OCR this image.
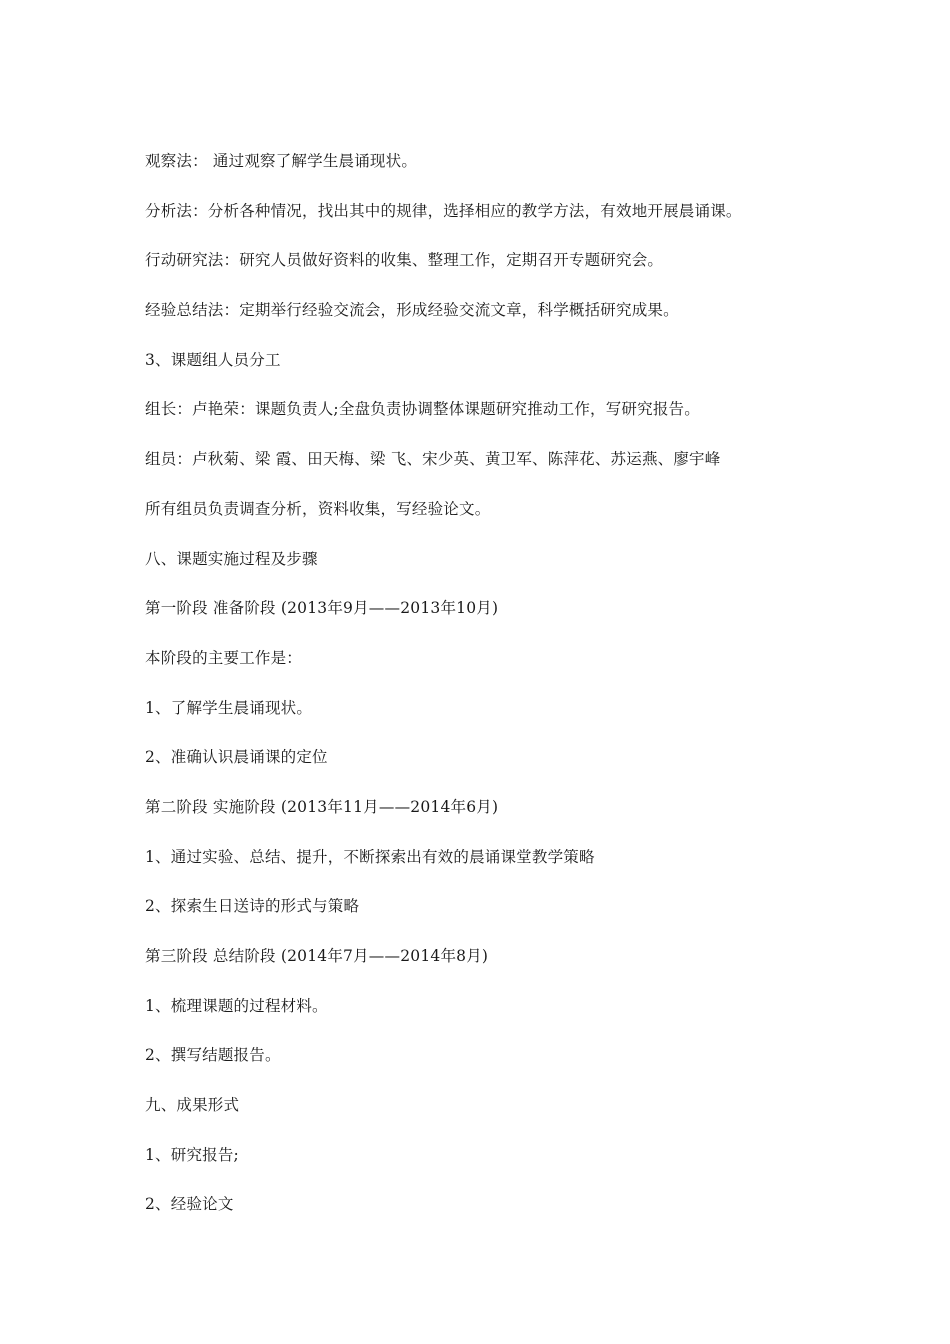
观察法： 通过观察了解学生晨诵现状。
分析法：分析各种情况，找出其中的规律，选择相应的教学方法，有效地开展晨诵课。
行动研究法：研究人员做好资料的收集、整理工作，定期召开专题研究会。
经验总结法：定期举行经验交流会，形成经验交流文章，科学概括研究成果。
3、课题组人员分工
组长：卢艳荣：课题负责人;全盘负责协调整体课题研究推动工作，写研究报告。
组员：卢秋菊、梁 霞、田天梅、梁 飞、宋少英、黄卫军、陈萍花、苏运燕、廖宇峰
所有组员负责调查分析，资料收集，写经验论文。
八、课题实施过程及步骤
第一阶段 准备阶段 (2013年9月——2013年10月)
本阶段的主要工作是：
1、了解学生晨诵现状。
2、准确认识晨诵课的定位
第二阶段 实施阶段 (2013年11月——2014年6月)
1、通过实验、总结、提升，不断探索出有效的晨诵课堂教学策略
2、探索生日送诗的形式与策略
第三阶段 总结阶段 (2014年7月——2014年8月)
1、梳理课题的过程材料。
2、撰写结题报告。
九、成果形式
1、研究报告;
2、经验论文
